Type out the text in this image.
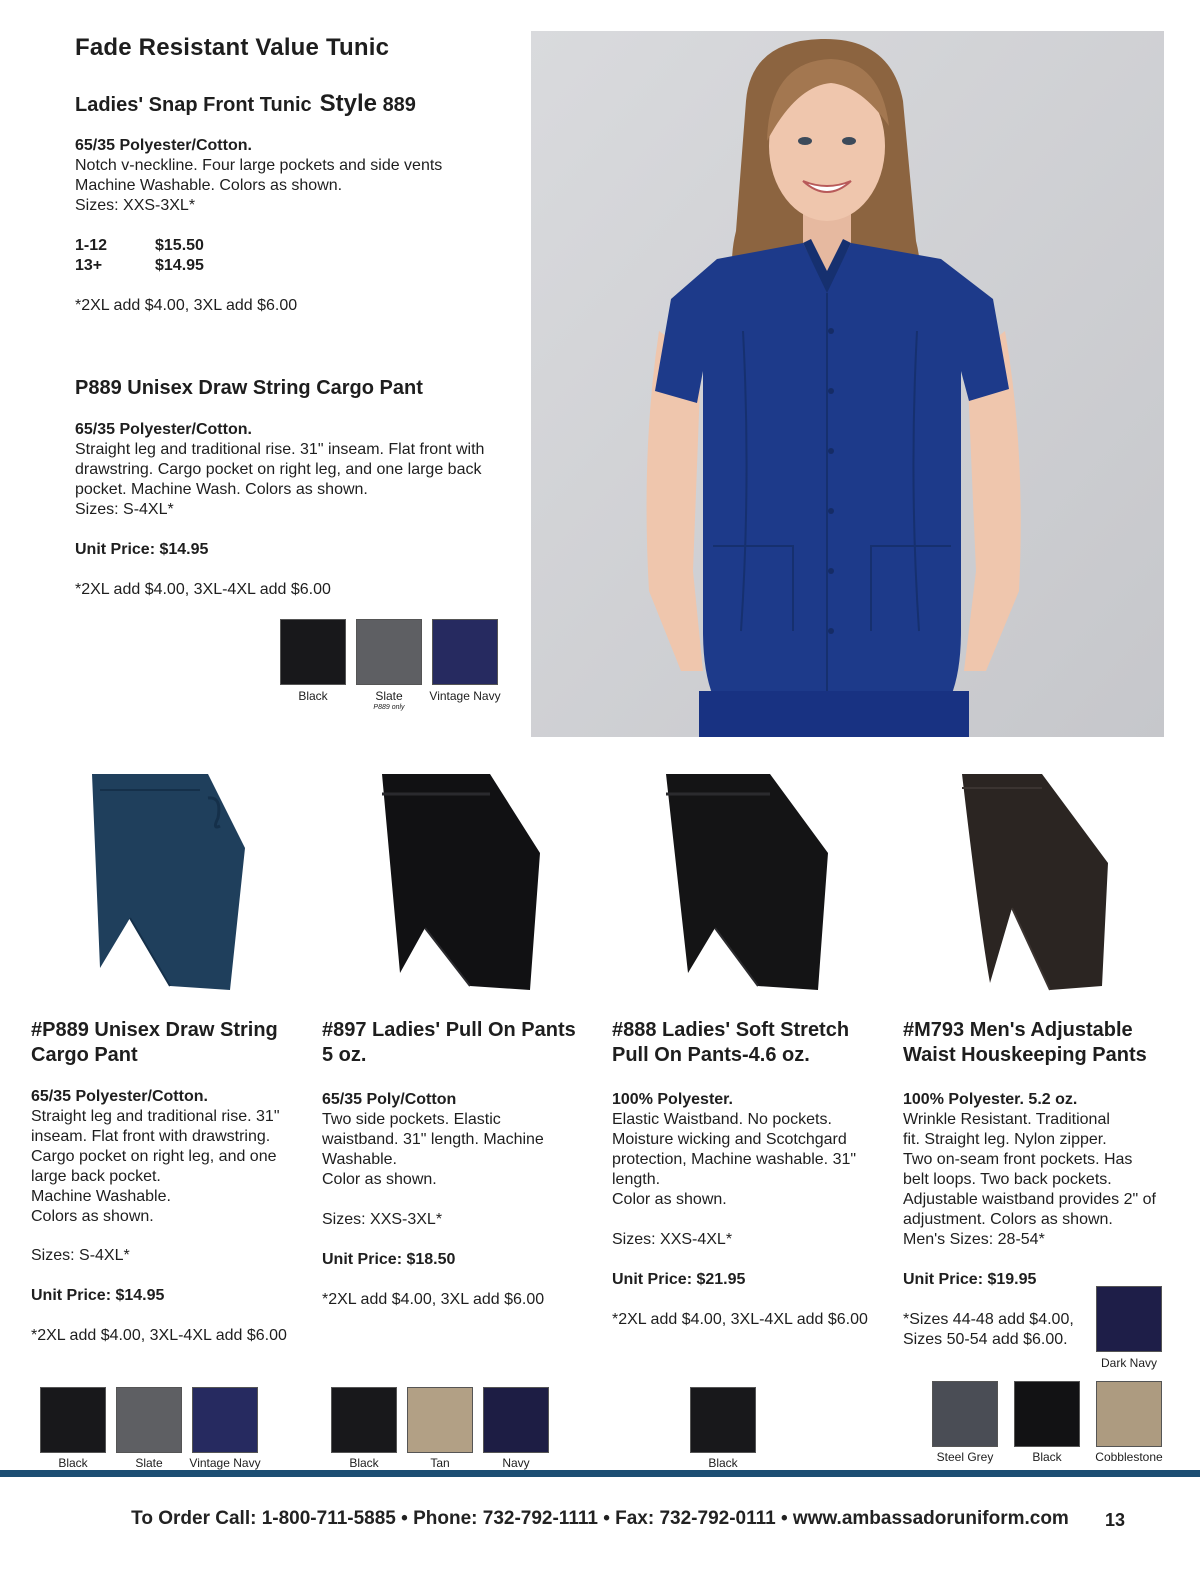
Fade Resistant Value Tunic
Ladies' Snap Front Tunic Style 889
65/35 Polyester/Cotton.
Notch v-neckline. Four large pockets and side vents
Machine Washable. Colors as shown.
Sizes: XXS-3XL*
1-12	$15.50
13+	$14.95
*2XL add $4.00, 3XL add $6.00
P889 Unisex Draw String Cargo Pant
65/35 Polyester/Cotton.
Straight leg and traditional rise. 31" inseam. Flat front with
drawstring. Cargo pocket on right leg, and one large back
pocket. Machine Wash. Colors as shown.
Sizes: S-4XL*
Unit Price: $14.95
*2XL add $4.00, 3XL-4XL add $6.00
Black	Slate
P889 only
Vintage Navy
#P889 Unisex Draw String
Cargo Pant
65/35 Polyester/Cotton.
Straight leg and traditional rise. 31"
inseam. Flat front with drawstring.
Cargo pocket on right leg, and one
large back pocket.
Machine Washable.
Colors as shown.
Sizes: S-4XL*
Unit Price: $14.95
*2XL add $4.00, 3XL-4XL add $6.00
Black	Slate	Vintage Navy
#897 Ladies' Pull On Pants
5 oz.
65/35 Poly/Cotton
Two side pockets. Elastic
waistband. 31" length. Machine
Washable.
Color as shown.
Sizes: XXS-3XL*
Unit Price: $18.50
*2XL add $4.00, 3XL add $6.00
Black	Tan	Navy
#888 Ladies' Soft Stretch
Pull On Pants-4.6 oz.
100% Polyester.
Elastic Waistband. No pockets.
Moisture wicking and Scotchgard
protection, Machine washable. 31"
length.
Color as shown.
Sizes: XXS-4XL*
Unit Price: $21.95
*2XL add $4.00, 3XL-4XL add $6.00
Black
#M793 Men's Adjustable
Waist Houskeeping Pants
100% Polyester. 5.2 oz.
Wrinkle Resistant. Traditional
fit. Straight leg. Nylon zipper.
Two on-seam front pockets. Has
belt loops. Two back pockets.
Adjustable waistband provides 2" of
adjustment. Colors as shown.
Men's Sizes: 28-54*
Unit Price: $19.95
*Sizes 44-48 add $4.00,
Sizes 50-54 add $6.00.
Dark Navy
Steel Grey	Black	Cobblestone
To Order Call: 1-800-711-5885 • Phone: 732-792-1111 • Fax: 732-792-0111 • www.ambassadoruniform.com	13
